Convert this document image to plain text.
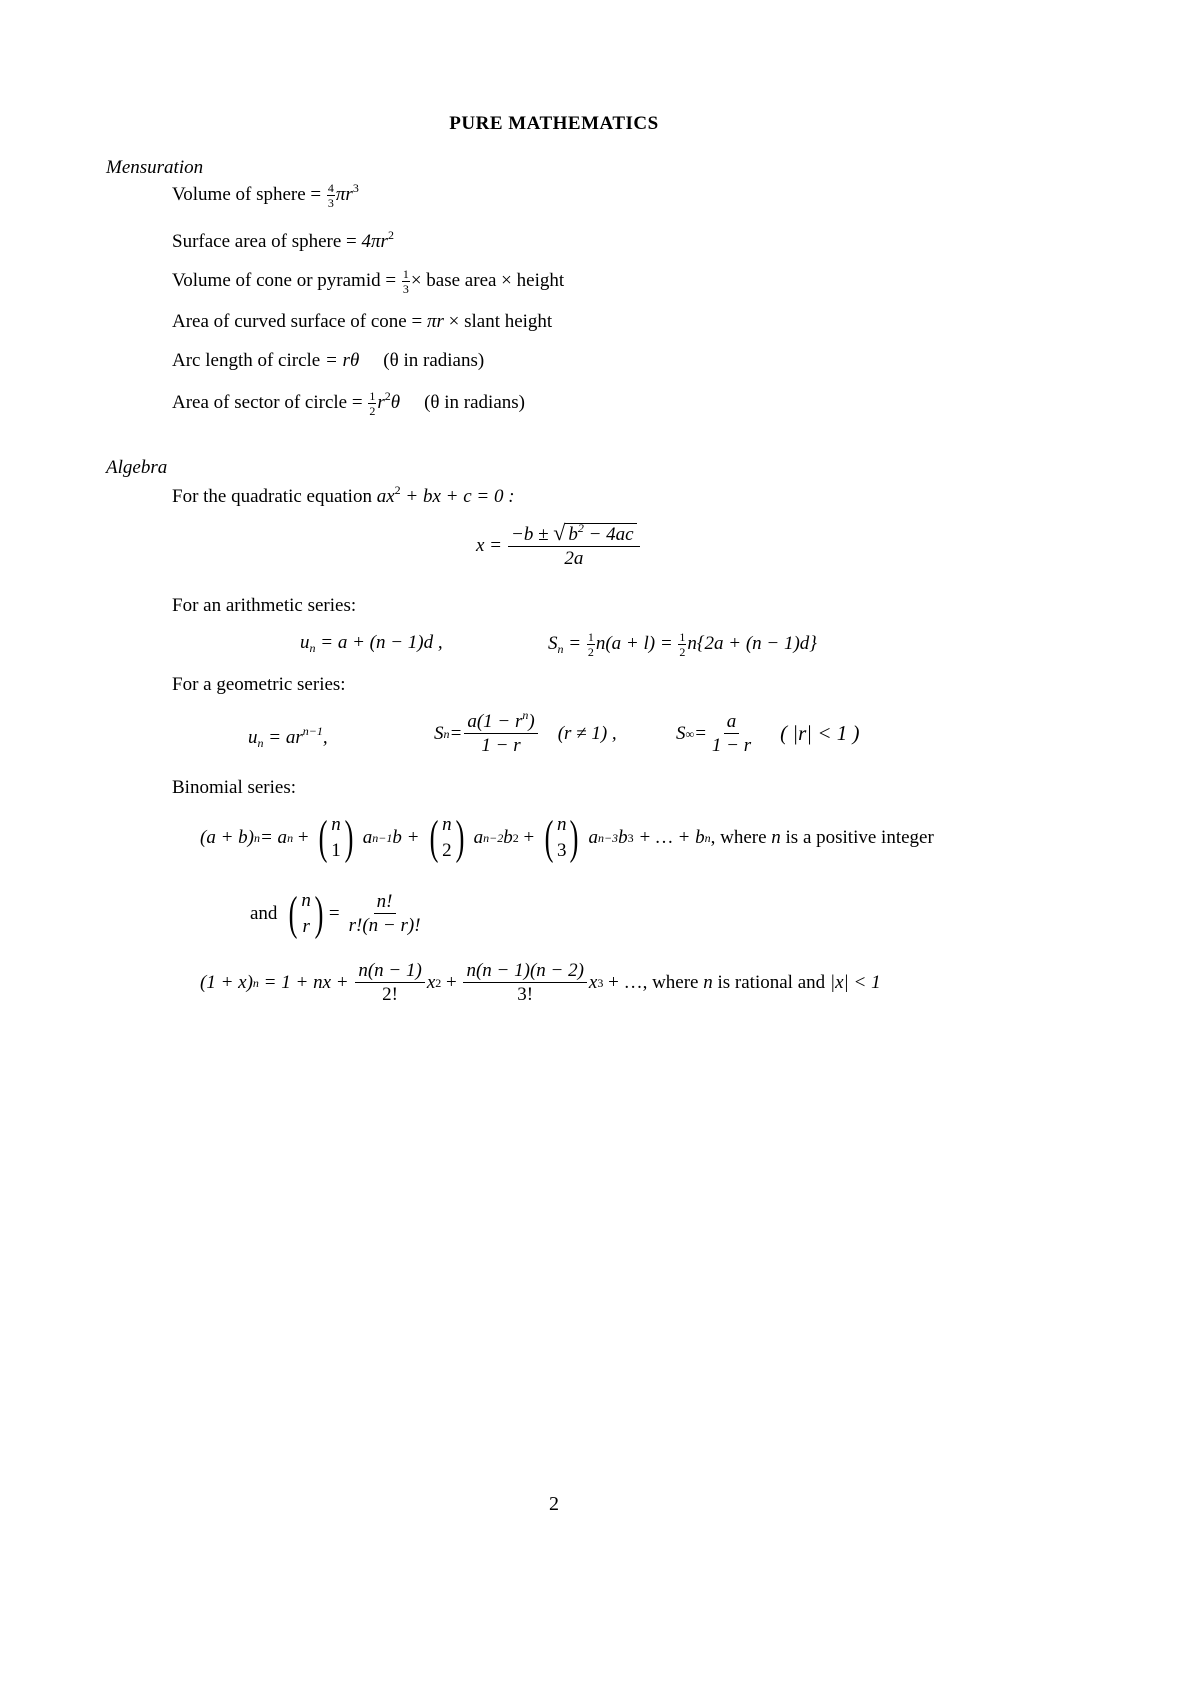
PURE MATHEMATICS
Mensuration
Volume of sphere = $\frac{4}{3} \pi r^3$
Surface area of sphere = $4\pi r^2$
Volume of cone or pyramid = $\frac{1}{3}$ × base area × height
Area of curved surface of cone = πr × slant height
Arc length of circle = rθ (θ in radians)
Area of sector of circle = $\frac{1}{2} r^2\theta$ (θ in radians)
Algebra
For the quadratic equation $ax^2$ + bx + c = 0 :
$x = \frac{-b \pm √ b^2 - 4ac}{2a}$
For an arithmetic series:
$u_n = a + (n - 1)d$ ,	$S_n = \frac{1}{2} n(a + l) = \frac{1}{2} n\{2a + (n - 1)d\}$
For a geometric series:
$u_n = ar^{n-1}$,	S $n = \frac{a(1 - r^n)}{1 - r} (r \ne 1)$ ,	S ∞ = $\frac{a}{1 - r}$ ( |r| < 1 )
Binomial series:
(a + b) n = a n + ( n
1 ) a n−1 b + ( n
2 ) a n−2 b 2 + ( n
3 ) a n−3 b 3 + … + b n , where n is a positive integer
and ( n
r ) = $\frac{n!}{r!(n - r)!}$
(1 + x) n = 1 + nx + $\frac{n(n - 1)}{2!}$ x $2 + \frac{n(n - 1)(n - 2)}{3!}$ x 3 + …, where n is rational and |x| < 1
2
